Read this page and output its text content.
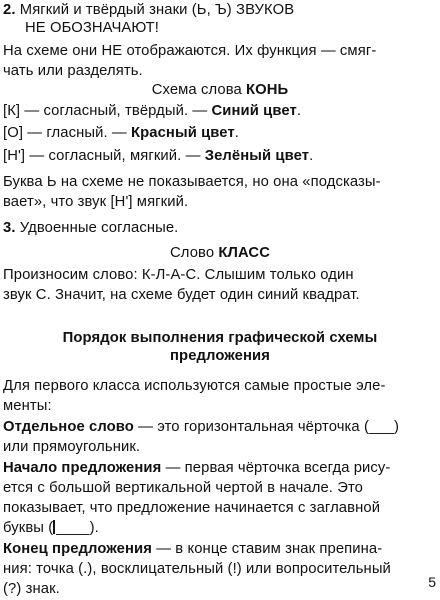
2. Мягкий и твёрдый знаки (Ь, Ъ) ЗВУКОВ
НЕ ОБОЗНАЧАЮТ!
На схеме они НЕ отображаются. Их функция — смяг-
чать или разделять.
Схема слова КОНЬ
[К] — согласный, твёрдый. — Синий цвет.
[О] — гласный. — Красный цвет.
[Н'] — согласный, мягкий. — Зелёный цвет.
Буква Ь на схеме не показывается, но она «подсказы-
вает», что звук [Н'] мягкий.
3. Удвоенные согласные.
Слово КЛАСС
Произносим слово: К-Л-А-С. Слышим только один
звук С. Значит, на схеме будет один синий квадрат.
Порядок выполнения графической схемы
предложения
Для первого класса используются самые простые эле-
менты:
Отдельное слово — это горизонтальная чёрточка (___)
или прямоугольник.
Начало предложения — первая чёрточка всегда рису-
ется с большой вертикальной чертой в начале. Это
показывает, что предложение начинается с заглавной
буквы ( ____).
Конец предложения — в конце ставим знак препина-
ния: точка (.), восклицательный (!) или вопросительный
(?) знак.	5
